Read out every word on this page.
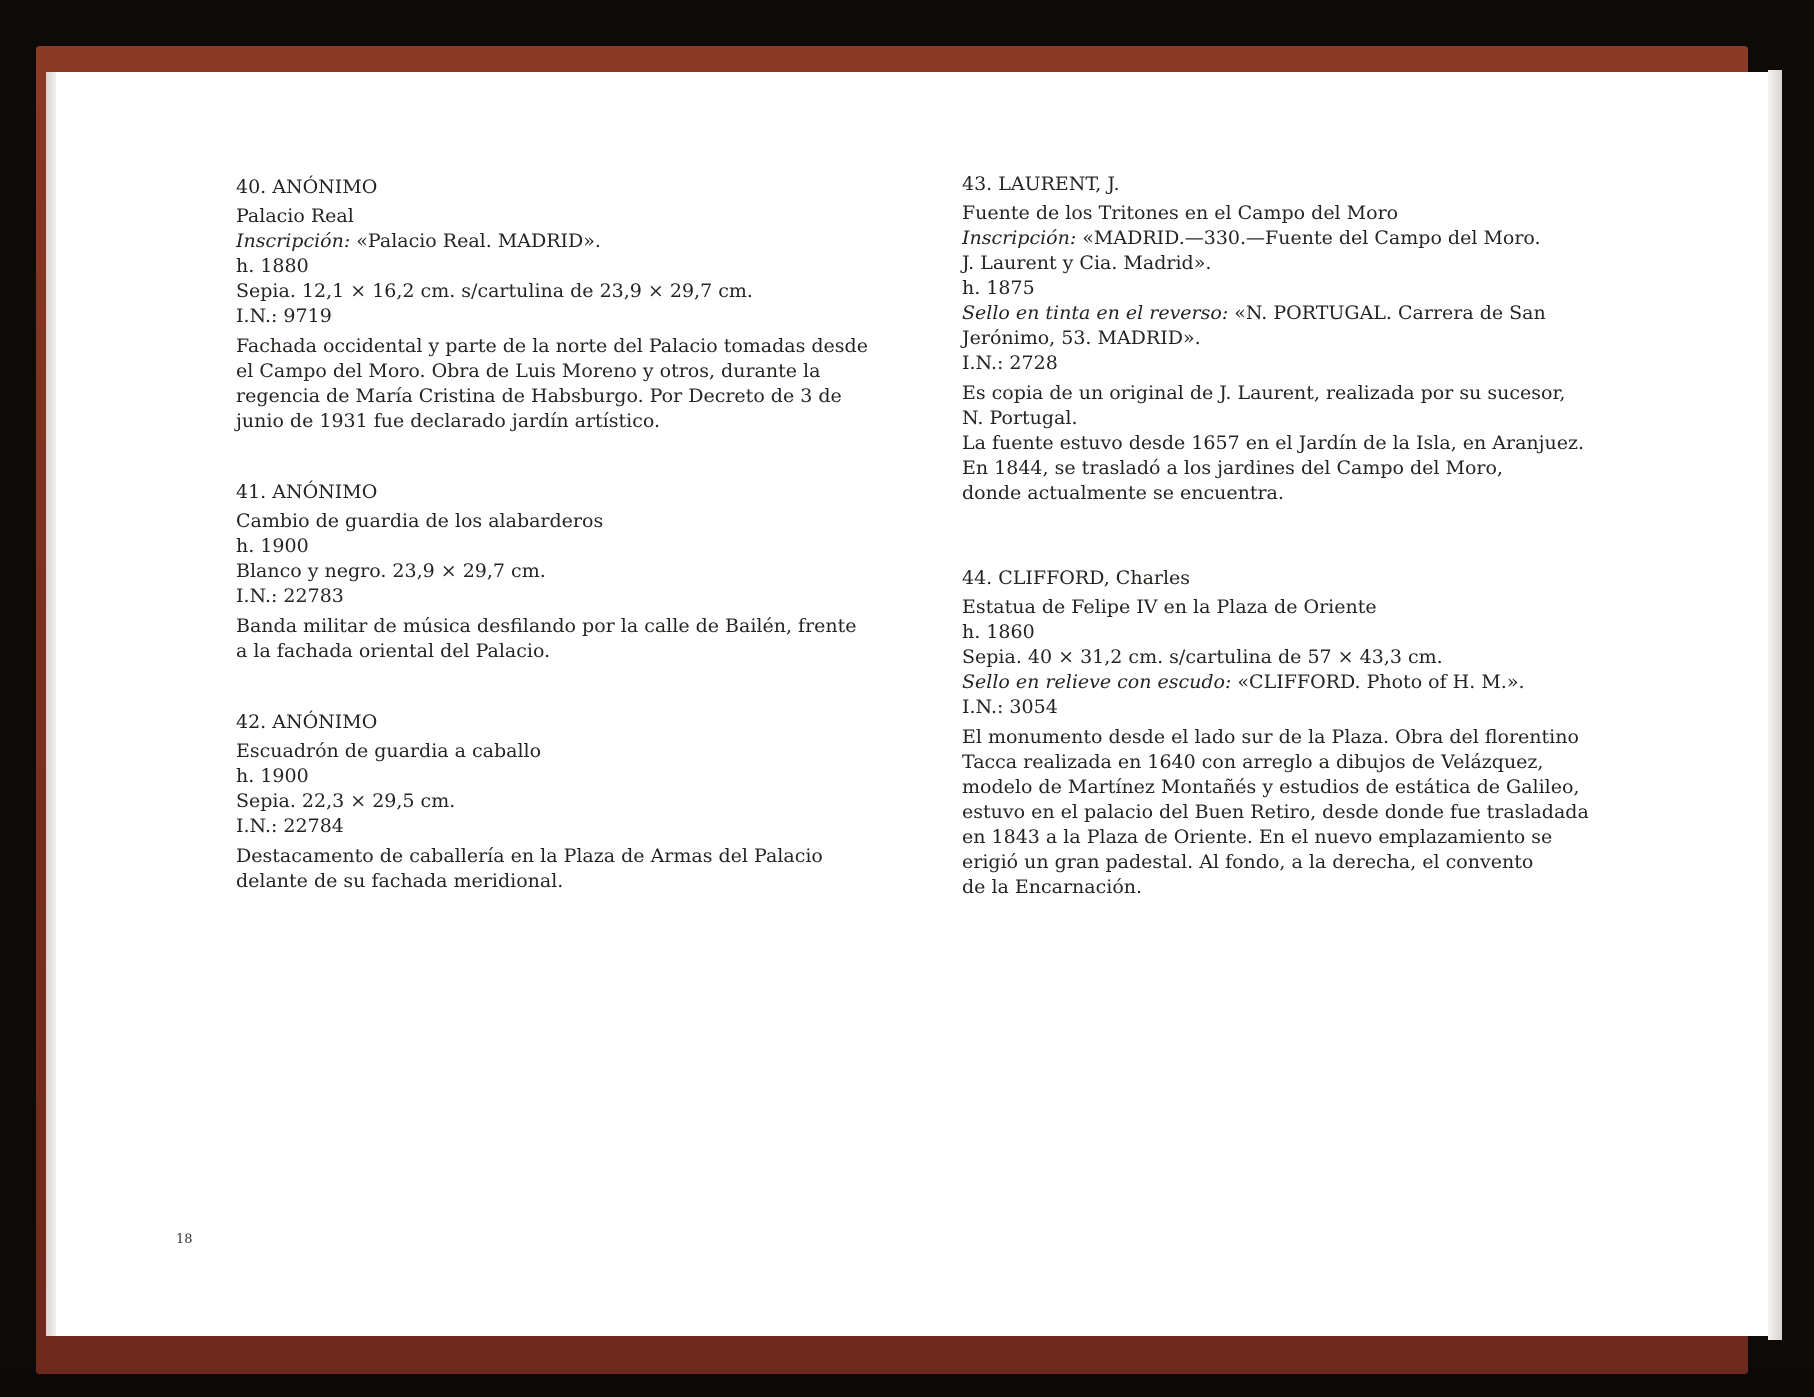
40. ANÓNIMO

Palacio Real

Inscripción: «Palacio Real. MADRID».

h. 1880

Sepia. 12,1 × 16,2 cm. s/cartulina de 23,9 × 29,7 cm.

I.N.: 9719

Fachada occidental y parte de la norte del Palacio tomadas desde

el Campo del Moro. Obra de Luis Moreno y otros, durante la

regencia de María Cristina de Habsburgo. Por Decreto de 3 de

junio de 1931 fue declarado jardín artístico.

41. ANÓNIMO

Cambio de guardia de los alabarderos

h. 1900

Blanco y negro. 23,9 × 29,7 cm.

I.N.: 22783

Banda militar de música desfilando por la calle de Bailén, frente

a la fachada oriental del Palacio.

42. ANÓNIMO

Escuadrón de guardia a caballo

h. 1900

Sepia. 22,3 × 29,5 cm.

I.N.: 22784

Destacamento de caballería en la Plaza de Armas del Palacio

delante de su fachada meridional.

43. LAURENT, J.

Fuente de los Tritones en el Campo del Moro

Inscripción: «MADRID.—330.—Fuente del Campo del Moro.

J. Laurent y Cia. Madrid».

h. 1875

Sello en tinta en el reverso: «N. PORTUGAL. Carrera de San

Jerónimo, 53. MADRID».

I.N.: 2728

Es copia de un original de J. Laurent, realizada por su sucesor,

N. Portugal.

La fuente estuvo desde 1657 en el Jardín de la Isla, en Aranjuez.

En 1844, se trasladó a los jardines del Campo del Moro,

donde actualmente se encuentra.

44. CLIFFORD, Charles

Estatua de Felipe IV en la Plaza de Oriente

h. 1860

Sepia. 40 × 31,2 cm. s/cartulina de 57 × 43,3 cm.

Sello en relieve con escudo: «CLIFFORD. Photo of H. M.».

I.N.: 3054

El monumento desde el lado sur de la Plaza. Obra del florentino

Tacca realizada en 1640 con arreglo a dibujos de Velázquez,

modelo de Martínez Montañés y estudios de estática de Galileo,

estuvo en el palacio del Buen Retiro, desde donde fue trasladada

en 1843 a la Plaza de Oriente. En el nuevo emplazamiento se

erigió un gran padestal. Al fondo, a la derecha, el convento

de la Encarnación.

18
